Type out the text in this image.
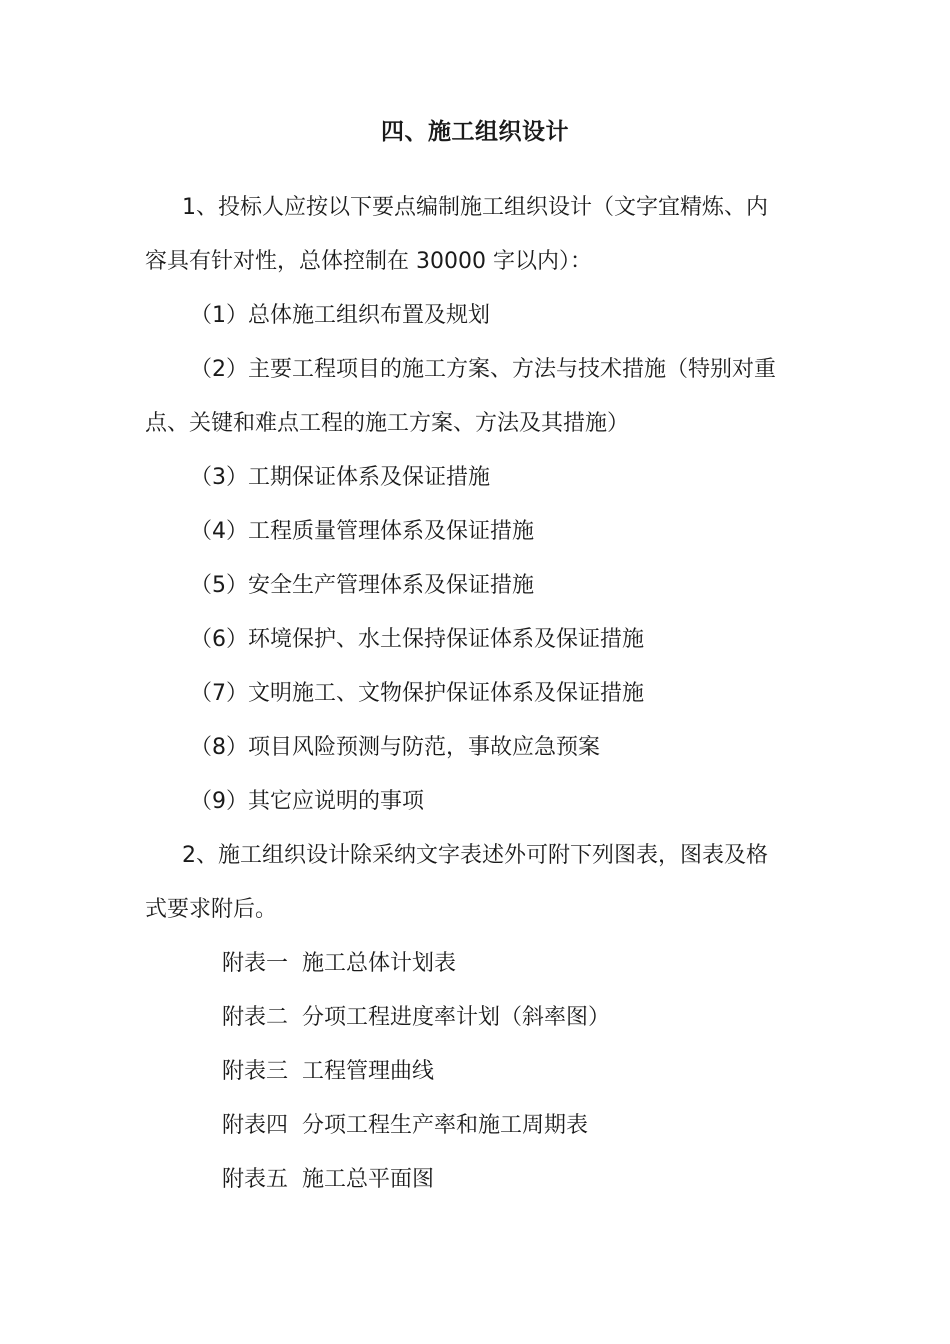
四、施工组织设计

1、投标人应按以下要点编制施工组织设计（文字宜精炼、内
容具有针对性，总体控制在 30000 字以内）：

（1）总体施工组织布置及规划

（2）主要工程项目的施工方案、方法与技术措施（特别对重
点、关键和难点工程的施工方案、方法及其措施）

（3）工期保证体系及保证措施

（4）工程质量管理体系及保证措施

（5）安全生产管理体系及保证措施

（6）环境保护、水土保持保证体系及保证措施

（7）文明施工、文物保护保证体系及保证措施

（8）项目风险预测与防范，事故应急预案

（9）其它应说明的事项

2、施工组织设计除采纳文字表述外可附下列图表，图表及格
式要求附后。

附表一 施工总体计划表

附表二 分项工程进度率计划（斜率图）

附表三 工程管理曲线

附表四 分项工程生产率和施工周期表

附表五 施工总平面图
